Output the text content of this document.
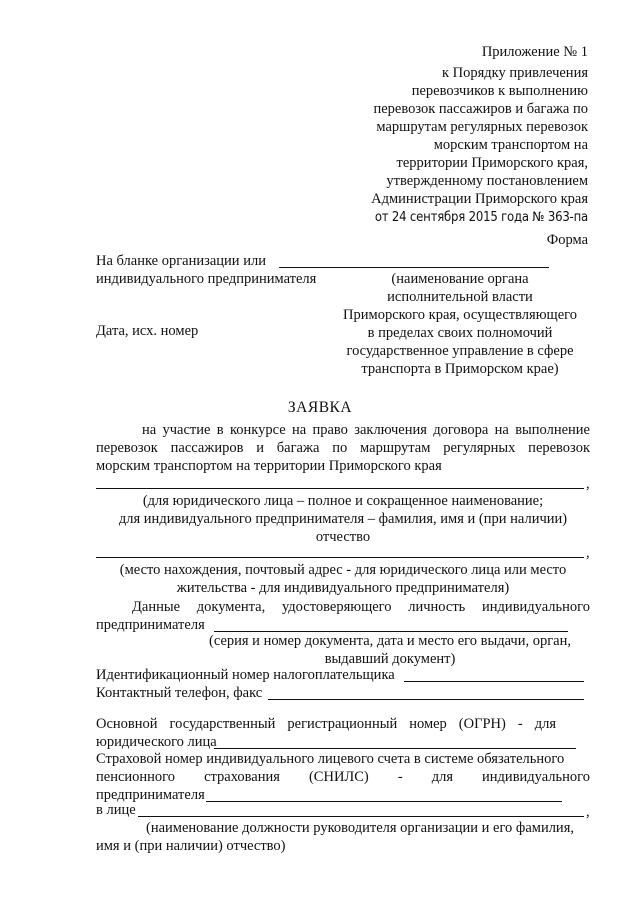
Приложение № 1
к Порядку привлечения
перевозчиков к выполнению
перевозок пассажиров и багажа по
маршрутам регулярных перевозок
морским транспортом на
территории Приморского края,
утвержденному постановлением
Администрации Приморского края
от 24 сентября 2015 года № 363-па
Форма
На бланке организации или
индивидуального предпринимателя
Дата, исх. номер
(наименование органа
исполнительной власти
Приморского края, осуществляющего
в пределах своих полномочий
государственное управление в сфере
транспорта в Приморском крае)
ЗАЯВКА
на участие в конкурсе на право заключения договора на выполнение
перевозок пассажиров и багажа по маршрутам регулярных перевозок
морским транспортом на территории Приморского края
,
(для юридического лица – полное и сокращенное наименование;
для индивидуального предпринимателя – фамилия, имя и (при наличии)
отчество
,
(место нахождения, почтовый адрес - для юридического лица или место
жительства - для индивидуального предпринимателя)
Данные документа, удостоверяющего личность индивидуального
предпринимателя
(серия и номер документа, дата и место его выдачи, орган,
выдавший документ)
Идентификационный номер налогоплательщика
Контактный телефон, факс
Основной государственный регистрационный номер (ОГРН) - для
юридического лица
Страховой номер индивидуального лицевого счета в системе обязательного
пенсионного страхования (СНИЛС) - для индивидуального
предпринимателя
в лице	,
(наименование должности руководителя организации и его фамилия,
имя и (при наличии) отчество)
